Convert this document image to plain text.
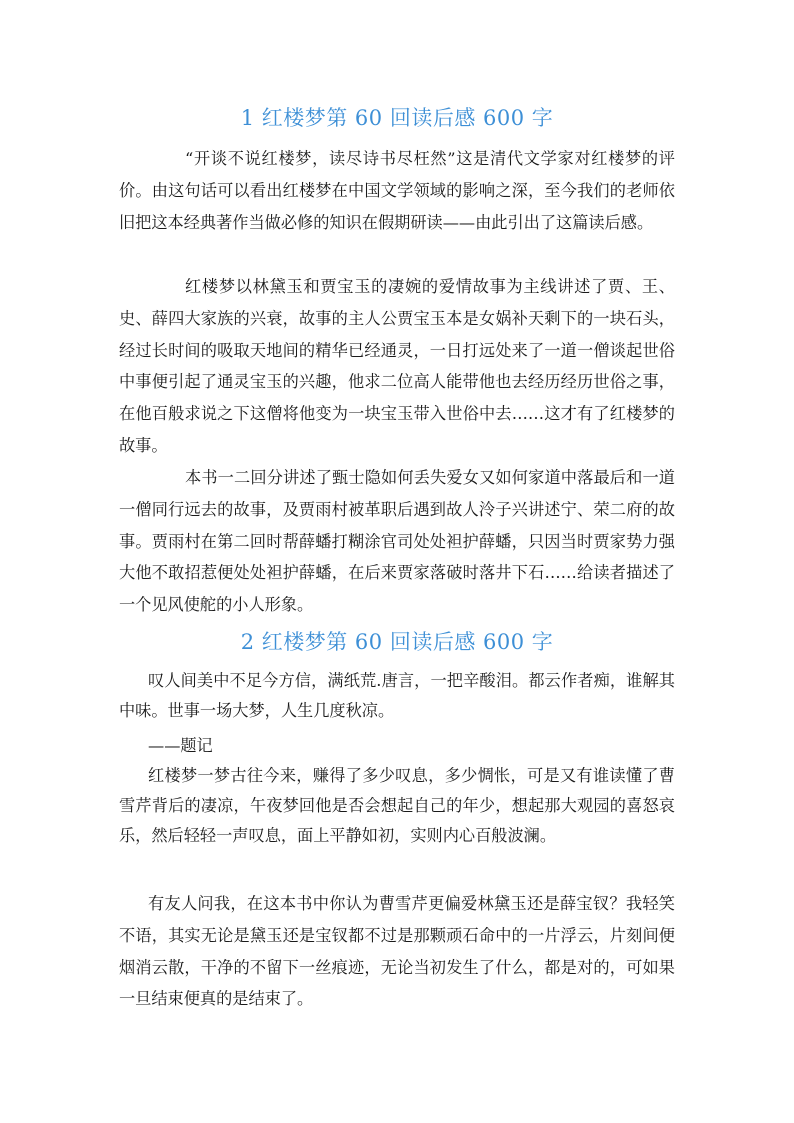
1 红楼梦第 60 回读后感 600 字

“开谈不说红楼梦，读尽诗书尽枉然”这是清代文学家对红楼梦的评价。由这句话可以看出红楼梦在中国文学领域的影响之深，至今我们的老师依旧把这本经典著作当做必修的知识在假期研读——由此引出了这篇读后感。

红楼梦以林黛玉和贾宝玉的凄婉的爱情故事为主线讲述了贾、王、史、薛四大家族的兴衰，故事的主人公贾宝玉本是女娲补天剩下的一块石头，经过长时间的吸取天地间的精华已经通灵，一日打远处来了一道一僧谈起世俗中事便引起了通灵宝玉的兴趣，他求二位高人能带他也去经历经历世俗之事，在他百般求说之下这僧将他变为一块宝玉带入世俗中去……这才有了红楼梦的故事。

本书一二回分讲述了甄士隐如何丢失爱女又如何家道中落最后和一道一僧同行远去的故事，及贾雨村被革职后遇到故人泠子兴讲述宁、荣二府的故事。贾雨村在第二回时帮薛蟠打糊涂官司处处袒护薛蟠，只因当时贾家势力强大他不敢招惹便处处袒护薛蟠，在后来贾家落破时落井下石……给读者描述了一个见风使舵的小人形象。

2 红楼梦第 60 回读后感 600 字

叹人间美中不足今方信，满纸荒.唐言，一把辛酸泪。都云作者痴，谁解其中味。世事一场大梦，人生几度秋凉。

——题记

红楼梦一梦古往今来，赚得了多少叹息，多少惆怅，可是又有谁读懂了曹雪芹背后的凄凉，午夜梦回他是否会想起自己的年少，想起那大观园的喜怒哀乐，然后轻轻一声叹息，面上平静如初，实则内心百般波澜。

有友人问我，在这本书中你认为曹雪芹更偏爱林黛玉还是薛宝钗？我轻笑不语，其实无论是黛玉还是宝钗都不过是那颗顽石命中的一片浮云，片刻间便烟消云散，干净的不留下一丝痕迹，无论当初发生了什么，都是对的，可如果一旦结束便真的是结束了。
